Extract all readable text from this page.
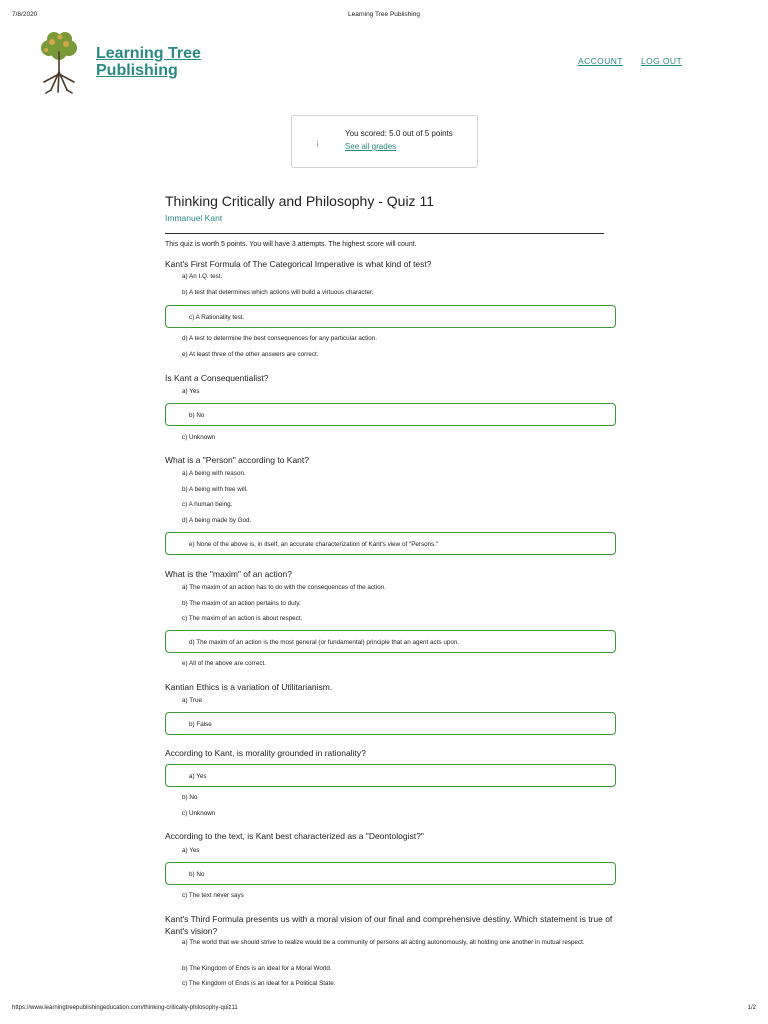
7/8/2020	Learning Tree Publishing
Learning Tree
Publishing
ACCOUNT LOG OUT
¡
You scored: 5.0 out of 5 points
See all grades
Thinking Critically and Philosophy - Quiz 11
Immanuel Kant
This quiz is worth 5 points. You will have 3 attempts. The highest score will count.
Kant's First Formula of The Categorical Imperative is what kind of test?
a) An I.Q. test.
b) A test that determines which actions will build a virtuous character.
c) A Rationality test.
d) A test to determine the best consequences for any particular action.
e) At least three of the other answers are correct.
Is Kant a Consequentialist?
a) Yes
b) No
c) Unknown
What is a "Person" according to Kant?
a) A being with reason.
b) A being with free will.
c) A human being.
d) A being made by God.
e) None of the above is, in itself, an accurate characterization of Kant's view of "Persons."
What is the "maxim" of an action?
a) The maxim of an action has to do with the consequences of the action.
b) The maxim of an action pertains to duty.
c) The maxim of an action is about respect.
d) The maxim of an action is the most general (or fundamental) principle that an agent acts upon.
e) All of the above are correct.
Kantian Ethics is a variation of Utilitarianism.
a) True
b) False
According to Kant, is morality grounded in rationality?
a) Yes
b) No
c) Unknown
According to the text, is Kant best characterized as a "Deontologist?"
a) Yes
b) No
c) The text never says
Kant's Third Formula presents us with a moral vision of our final and comprehensive destiny. Which statement is true of Kant's vision?
a) The world that we should strive to realize would be a community of persons all acting autonomously, all holding one another in mutual respect.
b) The Kingdom of Ends is an ideal for a Moral World.
c) The Kingdom of Ends is an ideal for a Political State.
https://www.learningtreepublishingeducation.com/thinking-critically-philosophy-quiz11	1/2
